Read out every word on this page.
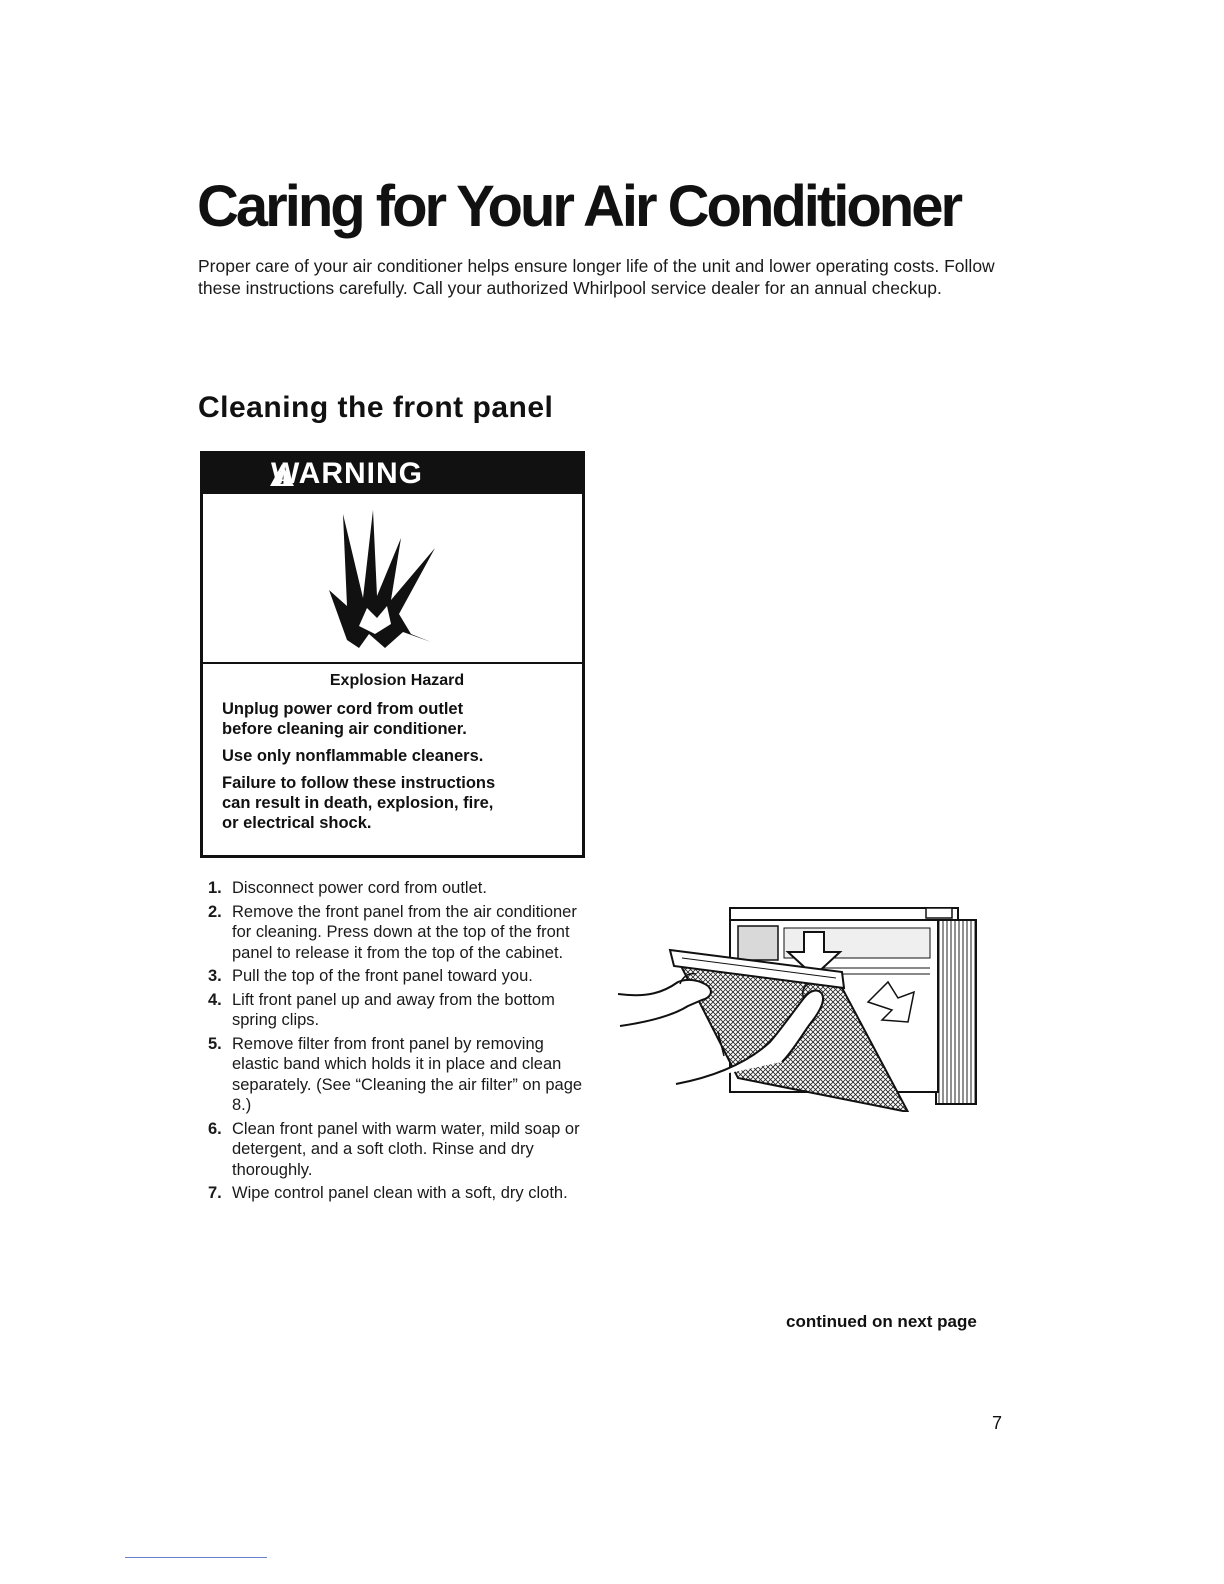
Caring for Your Air Conditioner

Proper care of your air conditioner helps ensure longer life of the unit and lower operating costs. Follow these instructions carefully. Call your authorized Whirlpool service dealer for an annual checkup.

Cleaning the front panel
WARNING
Explosion Hazard
Unplug power cord from outlet
before cleaning air conditioner.
Use only nonflammable cleaners.
Failure to follow these instructions
can result in death, explosion, fire,
or electrical shock.
1. Disconnect power cord from outlet.
2. Remove the front panel from the air conditioner for cleaning. Press down at the top of the front panel to release it from the top of the cabinet.
3. Pull the top of the front panel toward you.
4. Lift front panel up and away from the bottom spring clips.
5. Remove filter from front panel by removing elastic band which holds it in place and clean separately. (See “Cleaning the air filter” on page 8.)
6. Clean front panel with warm water, mild soap or detergent, and a soft cloth. Rinse and dry thoroughly.
7. Wipe control panel clean with a soft, dry cloth.

continued on next page

7
